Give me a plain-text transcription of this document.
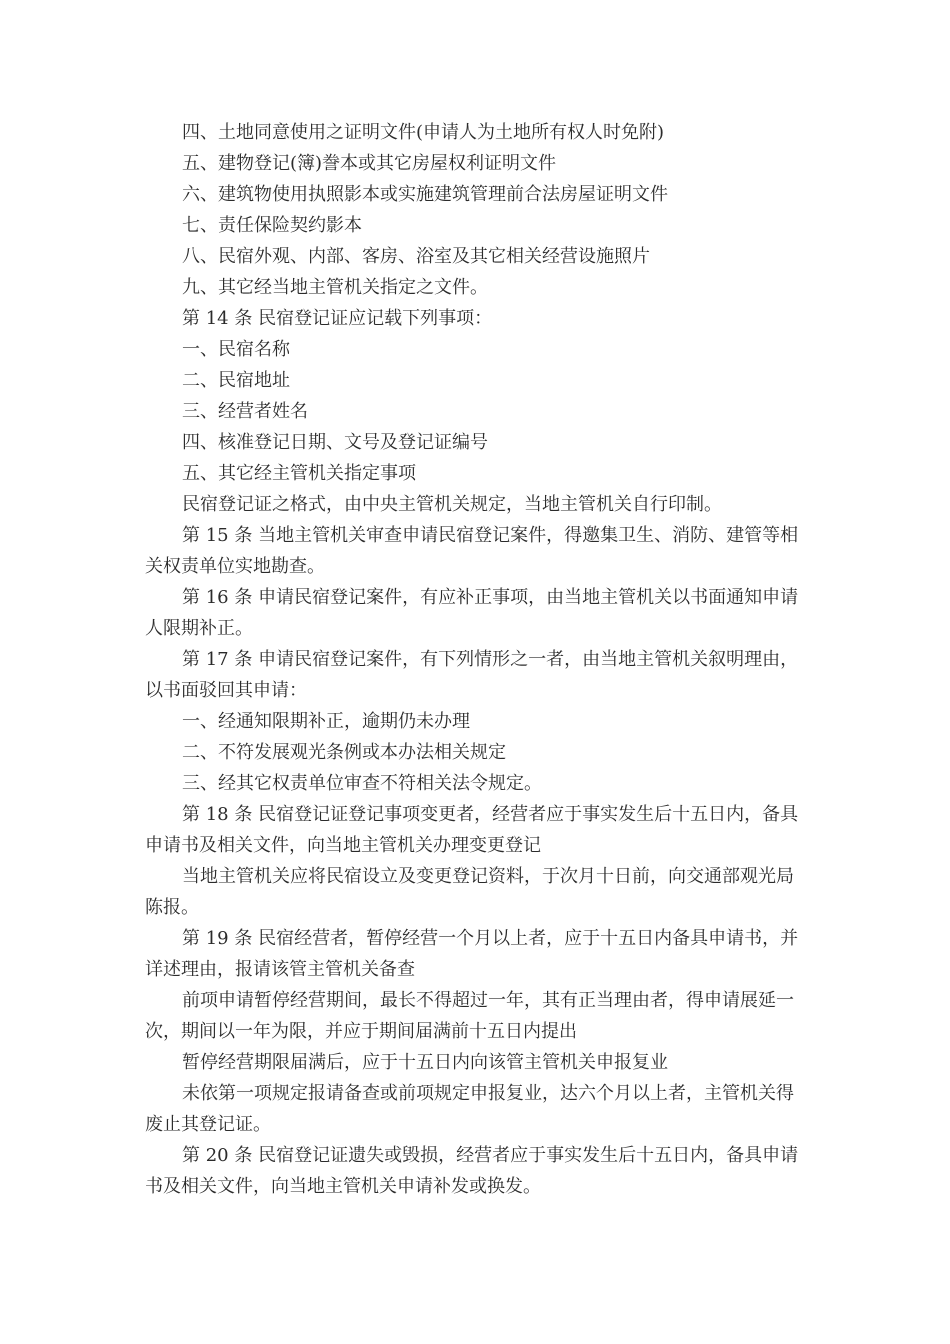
四、土地同意使用之证明文件(申请人为土地所有权人时免附)
五、建物登记(簿)誊本或其它房屋权利证明文件
六、建筑物使用执照影本或实施建筑管理前合法房屋证明文件
七、责任保险契约影本
八、民宿外观、内部、客房、浴室及其它相关经营设施照片
九、其它经当地主管机关指定之文件。
第 14 条 民宿登记证应记载下列事项：
一、民宿名称
二、民宿地址
三、经营者姓名
四、核准登记日期、文号及登记证编号
五、其它经主管机关指定事项
民宿登记证之格式，由中央主管机关规定，当地主管机关自行印制。
第 15 条 当地主管机关审查申请民宿登记案件，得邀集卫生、消防、建管等相
关权责单位实地勘查。
第 16 条 申请民宿登记案件，有应补正事项，由当地主管机关以书面通知申请
人限期补正。
第 17 条 申请民宿登记案件，有下列情形之一者，由当地主管机关叙明理由，
以书面驳回其申请：
一、经通知限期补正，逾期仍未办理
二、不符发展观光条例或本办法相关规定
三、经其它权责单位审查不符相关法令规定。
第 18 条 民宿登记证登记事项变更者，经营者应于事实发生后十五日内，备具
申请书及相关文件，向当地主管机关办理变更登记
当地主管机关应将民宿设立及变更登记资料，于次月十日前，向交通部观光局
陈报。
第 19 条 民宿经营者，暂停经营一个月以上者，应于十五日内备具申请书，并
详述理由，报请该管主管机关备查
前项申请暂停经营期间，最长不得超过一年，其有正当理由者，得申请展延一
次，期间以一年为限，并应于期间届满前十五日内提出
暂停经营期限届满后，应于十五日内向该管主管机关申报复业
未依第一项规定报请备查或前项规定申报复业，达六个月以上者，主管机关得
废止其登记证。
第 20 条 民宿登记证遗失或毁损，经营者应于事实发生后十五日内，备具申请
书及相关文件，向当地主管机关申请补发或换发。
